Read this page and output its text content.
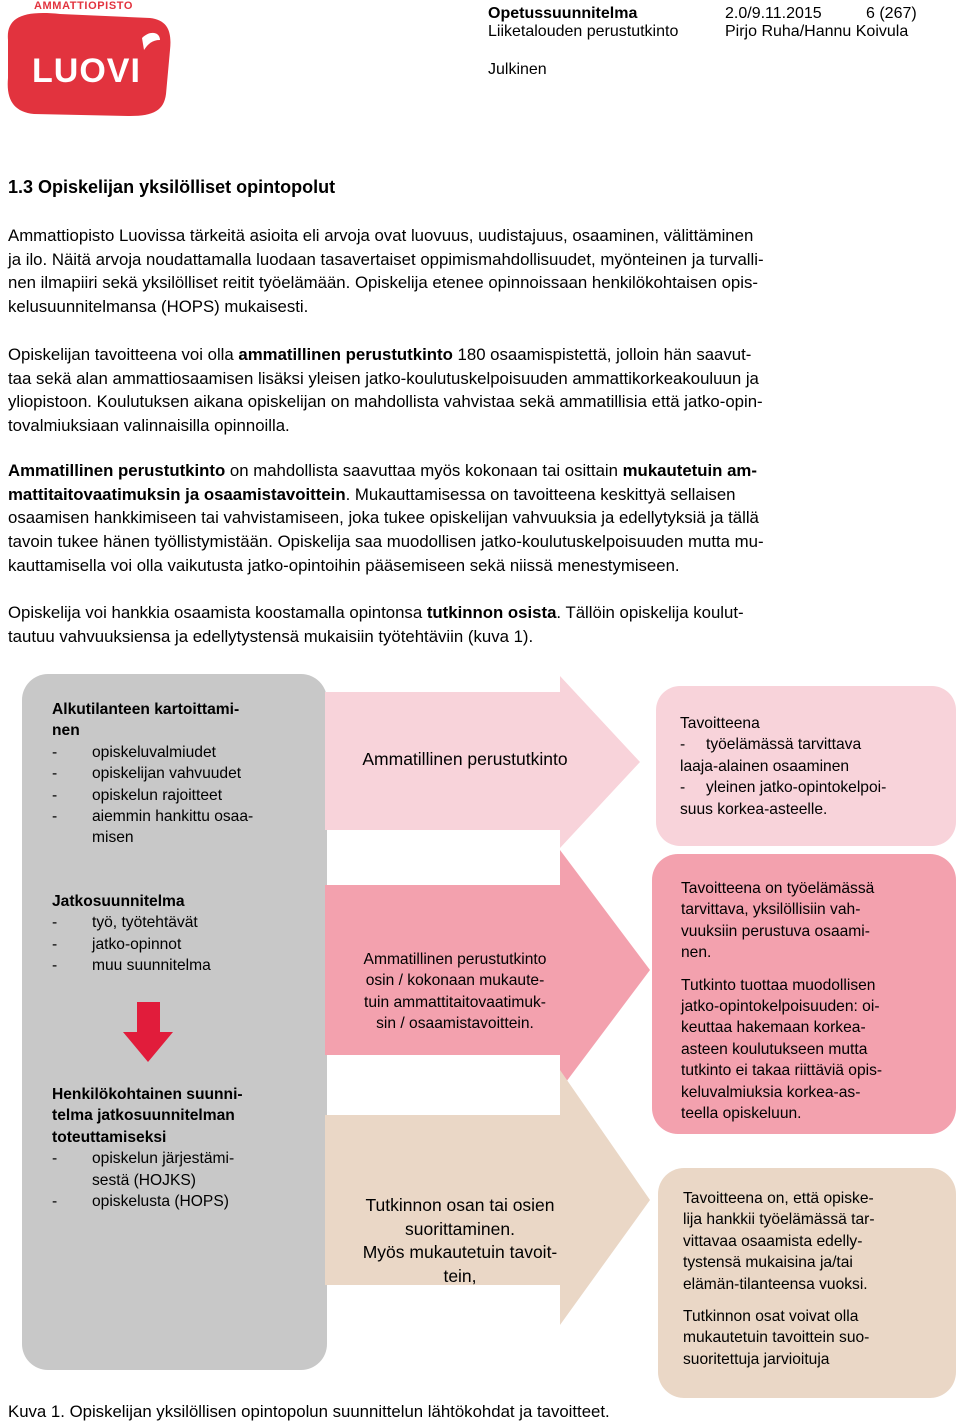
AMMATTIOPISTO
LUOVI
Opetussuunnitelma	2.0/9.11.2015	6 (267)
Liiketalouden perustutkinto	Pirjo Ruha/Hannu Koivula
Julkinen
1.3 Opiskelijan yksilölliset opintopolut

Ammattiopisto Luovissa tärkeitä asioita eli arvoja ovat luovuus, uudistajuus, osaaminen, välittäminen
ja ilo. Näitä arvoja noudattamalla luodaan tasavertaiset oppimismahdollisuudet, myönteinen ja turvalli-
nen ilmapiiri sekä yksilölliset reitit työelämään. Opiskelija etenee opinnoissaan henkilökohtaisen opis-
kelusuunnitelmansa (HOPS) mukaisesti.

Opiskelijan tavoitteena voi olla ammatillinen perustutkinto 180 osaamispistettä, jolloin hän saavut-
taa sekä alan ammattiosaamisen lisäksi yleisen jatko-koulutuskelpoisuuden ammattikorkeakouluun ja
yliopistoon. Koulutuksen aikana opiskelijan on mahdollista vahvistaa sekä ammatillisia että jatko-opin-
tovalmiuksiaan valinnaisilla opinnoilla.

Ammatillinen perustutkinto on mahdollista saavuttaa myös kokonaan tai osittain mukautetuin am-
mattitaitovaatimuksin ja osaamistavoittein. Mukauttamisessa on tavoitteena keskittyä sellaisen
osaamisen hankkimiseen tai vahvistamiseen, joka tukee opiskelijan vahvuuksia ja edellytyksiä ja tällä
tavoin tukee hänen työllistymistään. Opiskelija saa muodollisen jatko-koulutuskelpoisuuden mutta mu-
kauttamisella voi olla vaikutusta jatko-opintoihin pääsemiseen sekä niissä menestymiseen.

Opiskelija voi hankkia osaamista koostamalla opintonsa tutkinnon osista. Tällöin opiskelija koulut-
tautuu vahvuuksiensa ja edellytystensä mukaisiin työtehtäviin (kuva 1).

Alkutilanteen kartoittami-
nen
- opiskeluvalmiudet
- opiskelijan vahvuudet
- opiskelun rajoitteet
- aiemmin hankittu osaa-
misen
Jatkosuunnitelma
- työ, työtehtävät
- jatko-opinnot
- muu suunnitelma
Henkilökohtainen suunni-
telma jatkosuunnitelman
toteuttamiseksi
- opiskelun järjestämi-
sestä (HOJKS)
- opiskelusta (HOPS)
Ammatillinen perustutkinto
Ammatillinen perustutkinto
osin / kokonaan mukaute-
tuin ammattitaitovaatimuk-
sin / osaamistavoittein.
Tutkinnon osan tai osien
suorittaminen.
Myös mukautetuin tavoit-
tein,
Tavoitteena
- työelämässä tarvittava
laaja-alainen osaaminen
- yleinen jatko-opintokelpoi-
suus korkea-asteelle.
Tavoitteena on työelämässä
tarvittava, yksilöllisiin vah-
vuuksiin perustuva osaami-
nen.
Tutkinto tuottaa muodollisen
jatko-opintokelpoisuuden: oi-
keuttaa hakemaan korkea-
asteen koulutukseen mutta
tutkinto ei takaa riittäviä opis-
keluvalmiuksia korkea-as-
teella opiskeluun.
Tavoitteena on, että opiske-
lija hankkii työelämässä tar-
vittavaa osaamista edelly-
tystensä mukaisina ja/tai
elämän-tilanteensa vuoksi.
Tutkinnon osat voivat olla
mukautetuin tavoittein suo-
suoritettuja jarvioituja
Kuva 1. Opiskelijan yksilöllisen opintopolun suunnittelun lähtökohdat ja tavoitteet.
